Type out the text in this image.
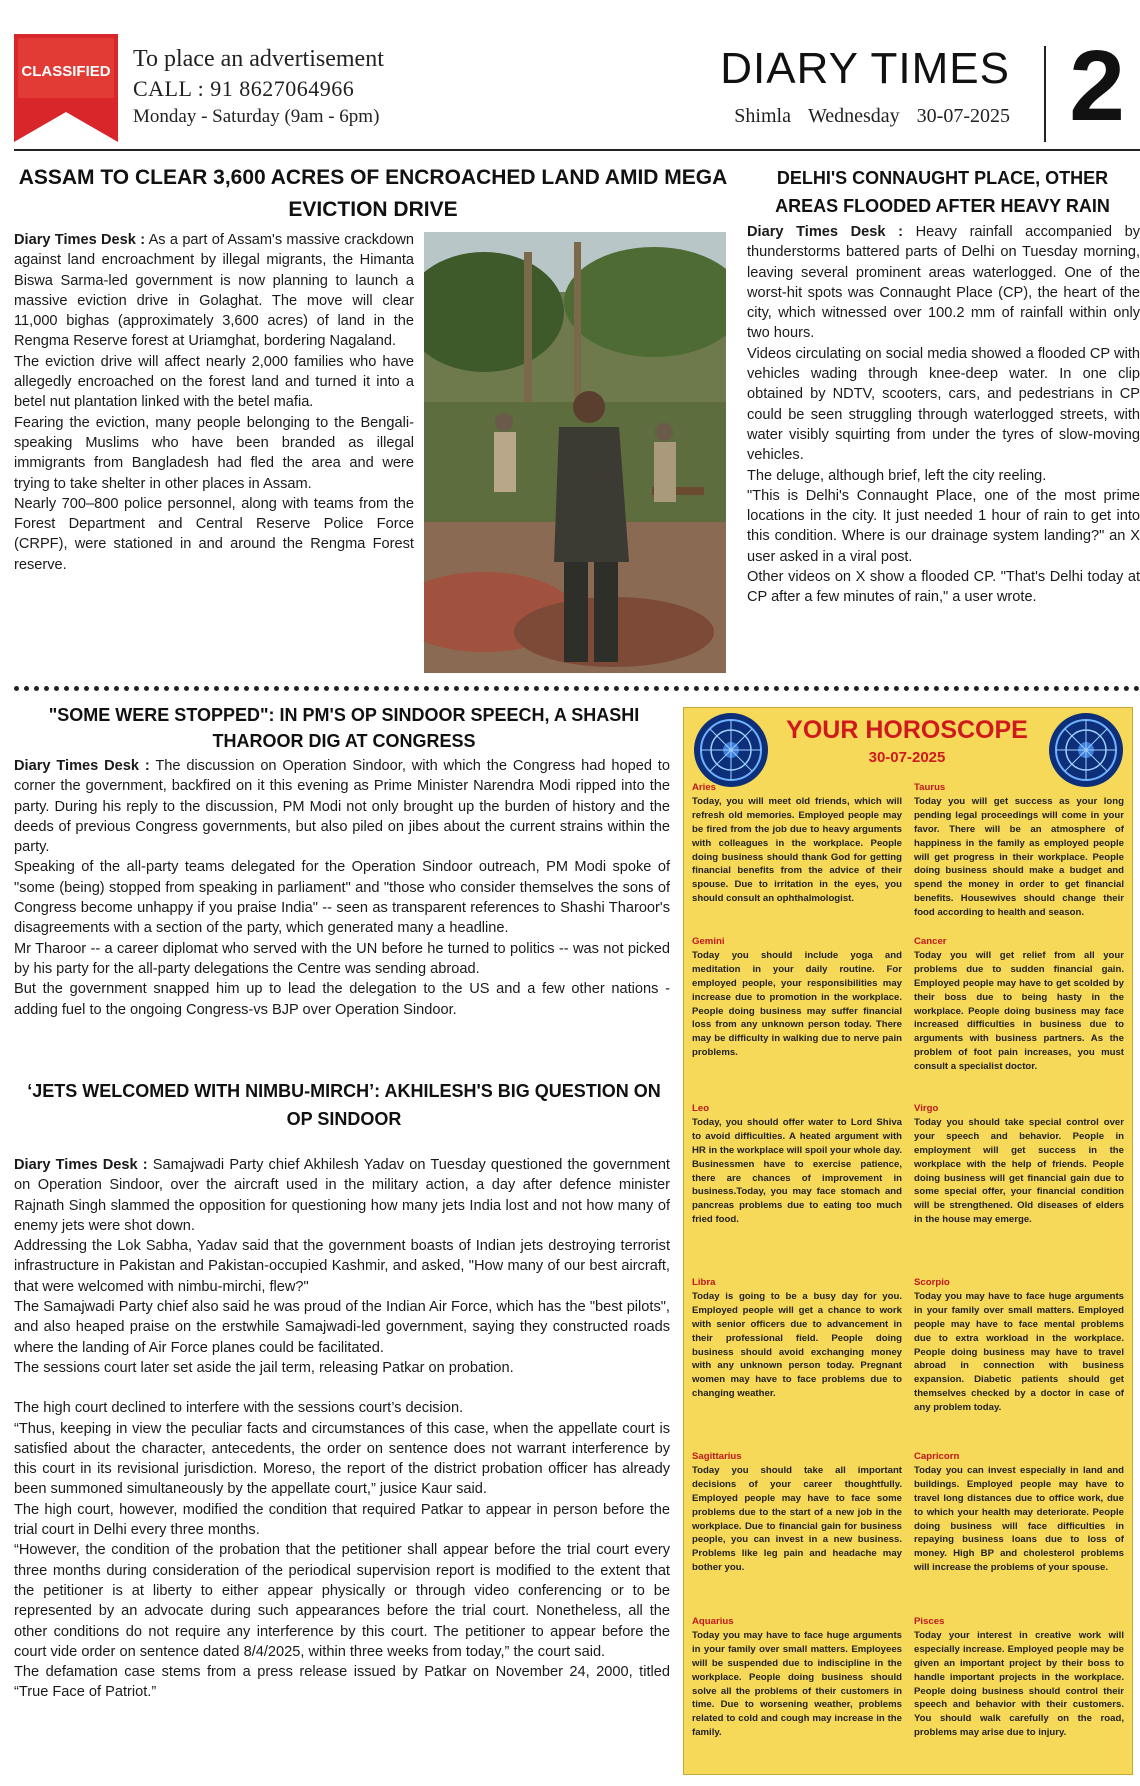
CLASSIFIED To place an advertisement
CALL : 91 8627064966
Monday - Saturday (9am - 6pm)
DIARY TIMES
Shimla Wednesday 30-07-2025 2
ASSAM TO CLEAR 3,600 ACRES OF ENCROACHED LAND AMID MEGA EVICTION DRIVE

Diary Times Desk : As a part of Assam's massive crackdown against land encroachment by illegal migrants, the Himanta Biswa Sarma-led government is now planning to launch a massive eviction drive in Golaghat. The move will clear 11,000 bighas (approximately 3,600 acres) of land in the Rengma Reserve forest at Uriamghat, bordering Nagaland.

The eviction drive will affect nearly 2,000 families who have allegedly encroached on the forest land and turned it into a betel nut plantation linked with the betel mafia.

Fearing the eviction, many people belonging to the Bengali-speaking Muslims who have been branded as illegal immigrants from Bangladesh had fled the area and were trying to take shelter in other places in Assam.

Nearly 700–800 police personnel, along with teams from the Forest Department and Central Reserve Police Force (CRPF), were stationed in and around the Rengma Forest reserve.

DELHI'S CONNAUGHT PLACE, OTHER AREAS FLOODED AFTER HEAVY RAIN

Diary Times Desk : Heavy rainfall accompanied by thunderstorms battered parts of Delhi on Tuesday morning, leaving several prominent areas waterlogged. One of the worst-hit spots was Connaught Place (CP), the heart of the city, which witnessed over 100.2 mm of rainfall within only two hours.

Videos circulating on social media showed a flooded CP with vehicles wading through knee-deep water. In one clip obtained by NDTV, scooters, cars, and pedestrians in CP could be seen struggling through waterlogged streets, with water visibly squirting from under the tyres of slow-moving vehicles.

The deluge, although brief, left the city reeling.

"This is Delhi's Connaught Place, one of the most prime locations in the city. It just needed 1 hour of rain to get into this condition. Where is our drainage system landing?" an X user asked in a viral post.

Other videos on X show a flooded CP. "That's Delhi today at CP after a few minutes of rain," a user wrote.

"SOME WERE STOPPED": IN PM'S OP SINDOOR SPEECH, A SHASHI THAROOR DIG AT CONGRESS

Diary Times Desk : The discussion on Operation Sindoor, with which the Congress had hoped to corner the government, backfired on it this evening as Prime Minister Narendra Modi ripped into the party. During his reply to the discussion, PM Modi not only brought up the burden of history and the deeds of previous Congress governments, but also piled on jibes about the current strains within the party.

Speaking of the all-party teams delegated for the Operation Sindoor outreach, PM Modi spoke of "some (being) stopped from speaking in parliament" and "those who consider themselves the sons of Congress become unhappy if you praise India" -- seen as transparent references to Shashi Tharoor's disagreements with a section of the party, which generated many a headline.

Mr Tharoor -- a career diplomat who served with the UN before he turned to politics -- was not picked by his party for the all-party delegations the Centre was sending abroad.

But the government snapped him up to lead the delegation to the US and a few other nations - adding fuel to the ongoing Congress-vs BJP over Operation Sindoor.

‘JETS WELCOMED WITH NIMBU-MIRCH’: AKHILESH'S BIG QUESTION ON OP SINDOOR

Diary Times Desk : Samajwadi Party chief Akhilesh Yadav on Tuesday questioned the government on Operation Sindoor, over the aircraft used in the military action, a day after defence minister Rajnath Singh slammed the opposition for questioning how many jets India lost and not how many of enemy jets were shot down.

Addressing the Lok Sabha, Yadav said that the government boasts of Indian jets destroying terrorist infrastructure in Pakistan and Pakistan-occupied Kashmir, and asked, "How many of our best aircraft, that were welcomed with nimbu-mirchi, flew?"

The Samajwadi Party chief also said he was proud of the Indian Air Force, which has the "best pilots", and also heaped praise on the erstwhile Samajwadi-led government, saying they constructed roads where the landing of Air Force planes could be facilitated.

The sessions court later set aside the jail term, releasing Patkar on probation.

The high court declined to interfere with the sessions court’s decision.

“Thus, keeping in view the peculiar facts and circumstances of this case, when the appellate court is satisfied about the character, antecedents, the order on sentence does not warrant interference by this court in its revisional jurisdiction. Moreso, the report of the district probation officer has already been summoned simultaneously by the appellate court,” jusice Kaur said.

The high court, however, modified the condition that required Patkar to appear in person before the trial court in Delhi every three months.

“However, the condition of the probation that the petitioner shall appear before the trial court every three months during consideration of the periodical supervision report is modified to the extent that the petitioner is at liberty to either appear physically or through video conferencing or to be represented by an advocate during such appearances before the trial court. Nonetheless, all the other conditions do not require any interference by this court. The petitioner to appear before the court vide order on sentence dated 8/4/2025, within three weeks from today,” the court said.

The defamation case stems from a press release issued by Patkar on November 24, 2000, titled “True Face of Patriot.”

YOUR HOROSCOPE
30-07-2025
Aries
Today, you will meet old friends, which will refresh old memories. Employed people may be fired from the job due to heavy arguments with colleagues in the workplace. People doing business should thank God for getting financial benefits from the advice of their spouse. Due to irritation in the eyes, you should consult an ophthalmologist.
Taurus
Today you will get success as your long pending legal proceedings will come in your favor. There will be an atmosphere of happiness in the family as employed people will get progress in their workplace. People doing business should make a budget and spend the money in order to get financial benefits. Housewives should change their food according to health and season.
Gemini
Today you should include yoga and meditation in your daily routine. For employed people, your responsibilities may increase due to promotion in the workplace. People doing business may suffer financial loss from any unknown person today. There may be difficulty in walking due to nerve pain problems.
Cancer
Today you will get relief from all your problems due to sudden financial gain. Employed people may have to get scolded by their boss due to being hasty in the workplace. People doing business may face increased difficulties in business due to arguments with business partners. As the problem of foot pain increases, you must consult a specialist doctor.
Leo
Today, you should offer water to Lord Shiva to avoid difficulties. A heated argument with HR in the workplace will spoil your whole day. Businessmen have to exercise patience, there are chances of improvement in business.Today, you may face stomach and pancreas problems due to eating too much fried food.
Virgo
Today you should take special control over your speech and behavior. People in employment will get success in the workplace with the help of friends. People doing business will get financial gain due to some special offer, your financial condition will be strengthened. Old diseases of elders in the house may emerge.
Libra
Today is going to be a busy day for you. Employed people will get a chance to work with senior officers due to advancement in their professional field. People doing business should avoid exchanging money with any unknown person today. Pregnant women may have to face problems due to changing weather.
Scorpio
Today you may have to face huge arguments in your family over small matters. Employed people may have to face mental problems due to extra workload in the workplace. People doing business may have to travel abroad in connection with business expansion. Diabetic patients should get themselves checked by a doctor in case of any problem today.
Sagittarius
Today you should take all important decisions of your career thoughtfully. Employed people may have to face some problems due to the start of a new job in the workplace. Due to financial gain for business people, you can invest in a new business. Problems like leg pain and headache may bother you.
Capricorn
Today you can invest especially in land and buildings. Employed people may have to travel long distances due to office work, due to which your health may deteriorate. People doing business will face difficulties in repaying business loans due to loss of money. High BP and cholesterol problems will increase the problems of your spouse.
Aquarius
Today you may have to face huge arguments in your family over small matters. Employees will be suspended due to indiscipline in the workplace. People doing business should solve all the problems of their customers in time. Due to worsening weather, problems related to cold and cough may increase in the family.
Pisces
Today your interest in creative work will especially increase. Employed people may be given an important project by their boss to handle important projects in the workplace. People doing business should control their speech and behavior with their customers. You should walk carefully on the road, problems may arise due to injury.
